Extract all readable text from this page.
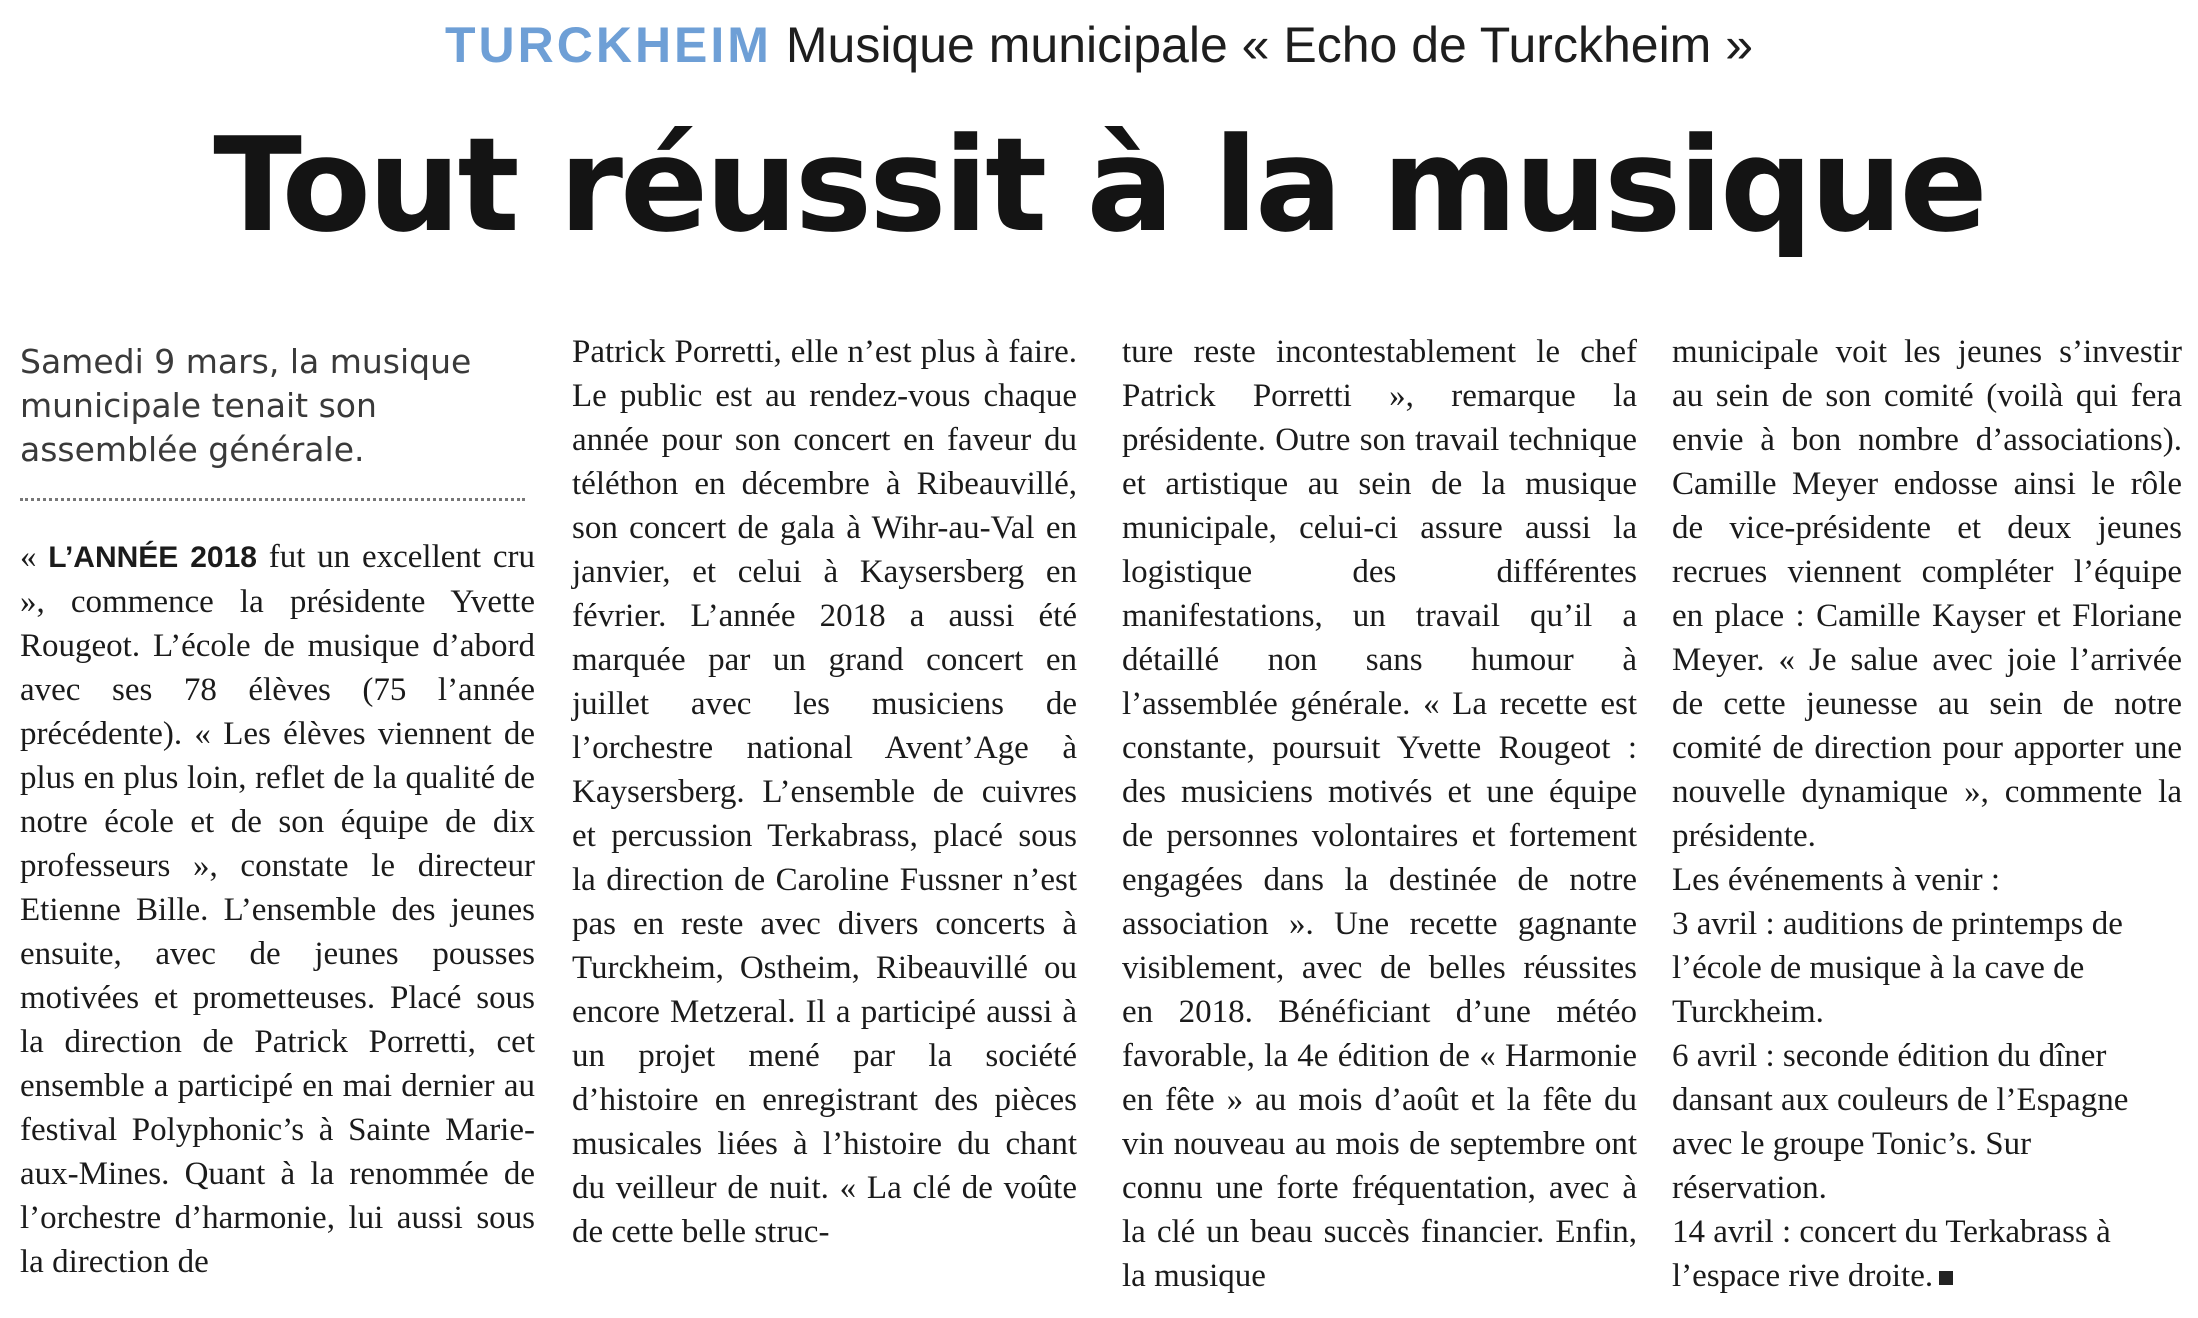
TURCKHEIM Musique municipale « Echo de Turckheim »
Tout réussit à la musique

Samedi 9 mars, la musique municipale tenait son assemblée générale.

« L’ANNÉE 2018 fut un excellent cru », commence la présidente Yvette Rougeot. L’école de musique d’abord avec ses 78 élèves (75 l’année précédente). « Les élèves viennent de plus en plus loin, reflet de la qualité de notre école et de son équipe de dix professeurs », constate le directeur Etienne Bille. L’ensemble des jeunes ensuite, avec de jeunes pousses motivées et prometteuses. Placé sous la direction de Patrick Porretti, cet ensemble a participé en mai dernier au festival Polyphonic’s à Sainte Marie-aux-Mines. Quant à la renommée de l’orchestre d’harmonie, lui aussi sous la direction de

Patrick Porretti, elle n’est plus à faire. Le public est au rendez-vous chaque année pour son concert en faveur du téléthon en décembre à Ribeauvillé, son concert de gala à Wihr-au-Val en janvier, et celui à Kaysersberg en février. L’année 2018 a aussi été marquée par un grand concert en juillet avec les musiciens de l’orchestre national Avent’Age à Kaysersberg. L’ensemble de cuivres et percussion Terkabrass, placé sous la direction de Caroline Fussner n’est pas en reste avec divers concerts à Turckheim, Ostheim, Ribeauvillé ou encore Metzeral. Il a participé aussi à un projet mené par la société d’histoire en enregistrant des pièces musicales liées à l’histoire du chant du veilleur de nuit. « La clé de voûte de cette belle struc-

ture reste incontestablement le chef Patrick Porretti », remarque la présidente. Outre son travail technique et artistique au sein de la musique municipale, celui-ci assure aussi la logistique des différentes manifestations, un travail qu’il a détaillé non sans humour à l’assemblée générale. « La recette est constante, poursuit Yvette Rougeot : des musiciens motivés et une équipe de personnes volontaires et fortement engagées dans la destinée de notre association ». Une recette gagnante visiblement, avec de belles réussites en 2018. Bénéficiant d’une météo favorable, la 4e édition de « Harmonie en fête » au mois d’août et la fête du vin nouveau au mois de septembre ont connu une forte fréquentation, avec à la clé un beau succès financier. Enfin, la musique

municipale voit les jeunes s’investir au sein de son comité (voilà qui fera envie à bon nombre d’associations). Camille Meyer endosse ainsi le rôle de vice-présidente et deux jeunes recrues viennent compléter l’équipe en place : Camille Kayser et Floriane Meyer. « Je salue avec joie l’arrivée de cette jeunesse au sein de notre comité de direction pour apporter une nouvelle dynamique », commente la présidente.

Les événements à venir :

3 avril : auditions de printemps de l’école de musique à la cave de Turckheim.

6 avril : seconde édition du dîner dansant aux couleurs de l’Espagne avec le groupe Tonic’s. Sur réservation.

14 avril : concert du Terkabrass à l’espace rive droite.
